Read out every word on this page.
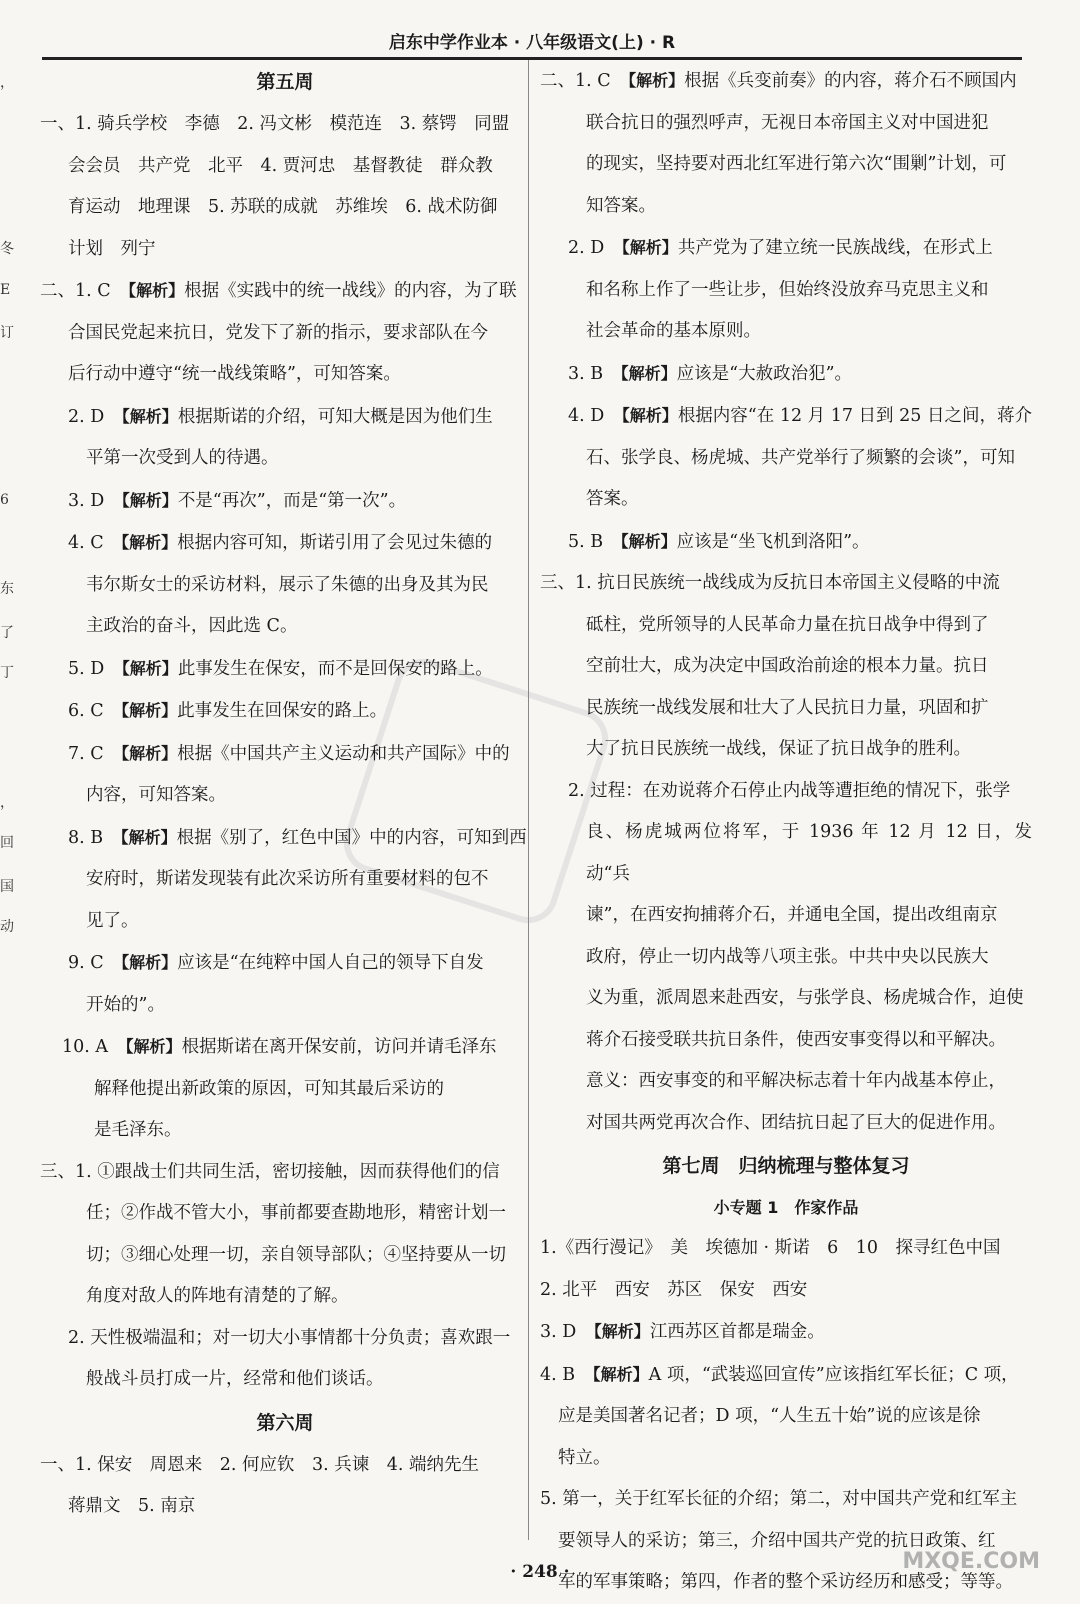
，
冬
E
订
6
东
了
丁
，
回
国
动
启东中学作业本 · 八年级语文(上) · R

第五周

一、1. 骑兵学校　李德　2. 冯文彬　模范连　3. 蔡锷　同盟

会会员　共产党　北平　4. 贾河忠　基督教徒　群众教

育运动　地理课　5. 苏联的成就　苏维埃　6. 战术防御

计划　列宁

二、1. C　【解析】根据《实践中的统一战线》的内容，为了联

合国民党起来抗日，党发下了新的指示，要求部队在今

后行动中遵守“统一战线策略”，可知答案。

2. D　【解析】根据斯诺的介绍，可知大概是因为他们生

平第一次受到人的待遇。

3. D　【解析】不是“再次”，而是“第一次”。

4. C　【解析】根据内容可知，斯诺引用了会见过朱德的

韦尔斯女士的采访材料，展示了朱德的出身及其为民

主政治的奋斗，因此选 C。

5. D　【解析】此事发生在保安，而不是回保安的路上。

6. C　【解析】此事发生在回保安的路上。

7. C　【解析】根据《中国共产主义运动和共产国际》中的

内容，可知答案。

8. B　【解析】根据《别了，红色中国》中的内容，可知到西

安府时，斯诺发现装有此次采访所有重要材料的包不

见了。

9. C　【解析】应该是“在纯粹中国人自己的领导下自发

开始的”。

10. A　【解析】根据斯诺在离开保安前，访问并请毛泽东

解释他提出新政策的原因，可知其最后采访的

是毛泽东。

三、1. ①跟战士们共同生活，密切接触，因而获得他们的信

任；②作战不管大小，事前都要查勘地形，精密计划一

切；③细心处理一切，亲自领导部队；④坚持要从一切

角度对敌人的阵地有清楚的了解。

2. 天性极端温和；对一切大小事情都十分负责；喜欢跟一

般战斗员打成一片，经常和他们谈话。

第六周

一、1. 保安　周恩来　2. 何应钦　3. 兵谏　4. 端纳先生

蒋鼎文　5. 南京

二、1. C　【解析】根据《兵变前奏》的内容，蒋介石不顾国内

联合抗日的强烈呼声，无视日本帝国主义对中国进犯

的现实，坚持要对西北红军进行第六次“围剿”计划，可

知答案。

2. D　【解析】共产党为了建立统一民族战线，在形式上

和名称上作了一些让步，但始终没放弃马克思主义和

社会革命的基本原则。

3. B　【解析】应该是“大赦政治犯”。

4. D　【解析】根据内容“在 12 月 17 日到 25 日之间，蒋介

石、张学良、杨虎城、共产党举行了频繁的会谈”，可知

答案。

5. B　【解析】应该是“坐飞机到洛阳”。

三、1. 抗日民族统一战线成为反抗日本帝国主义侵略的中流

砥柱，党所领导的人民革命力量在抗日战争中得到了

空前壮大，成为决定中国政治前途的根本力量。抗日

民族统一战线发展和壮大了人民抗日力量，巩固和扩

大了抗日民族统一战线，保证了抗日战争的胜利。

2. 过程：在劝说蒋介石停止内战等遭拒绝的情况下，张学

良、杨虎城两位将军，于 1936 年 12 月 12 日，发动“兵

谏”，在西安拘捕蒋介石，并通电全国，提出改组南京

政府，停止一切内战等八项主张。中共中央以民族大

义为重，派周恩来赴西安，与张学良、杨虎城合作，迫使

蒋介石接受联共抗日条件，使西安事变得以和平解决。

意义：西安事变的和平解决标志着十年内战基本停止，

对国共两党再次合作、团结抗日起了巨大的促进作用。

第七周　归纳梳理与整体复习

小专题 1　作家作品

1.《西行漫记》　美　埃德加 · 斯诺　6　10　探寻红色中国

2. 北平　西安　苏区　保安　西安

3. D　【解析】江西苏区首都是瑞金。

4. B　【解析】A 项，“武装巡回宣传”应该指红军长征；C 项，

应是美国著名记者；D 项，“人生五十始”说的应该是徐

特立。

5. 第一，关于红军长征的介绍；第二，对中国共产党和红军主

要领导人的采访；第三，介绍中国共产党的抗日政策、红

军的军事策略；第四，作者的整个采访经历和感受；等等。

MXQE.COM
· 248 ·
